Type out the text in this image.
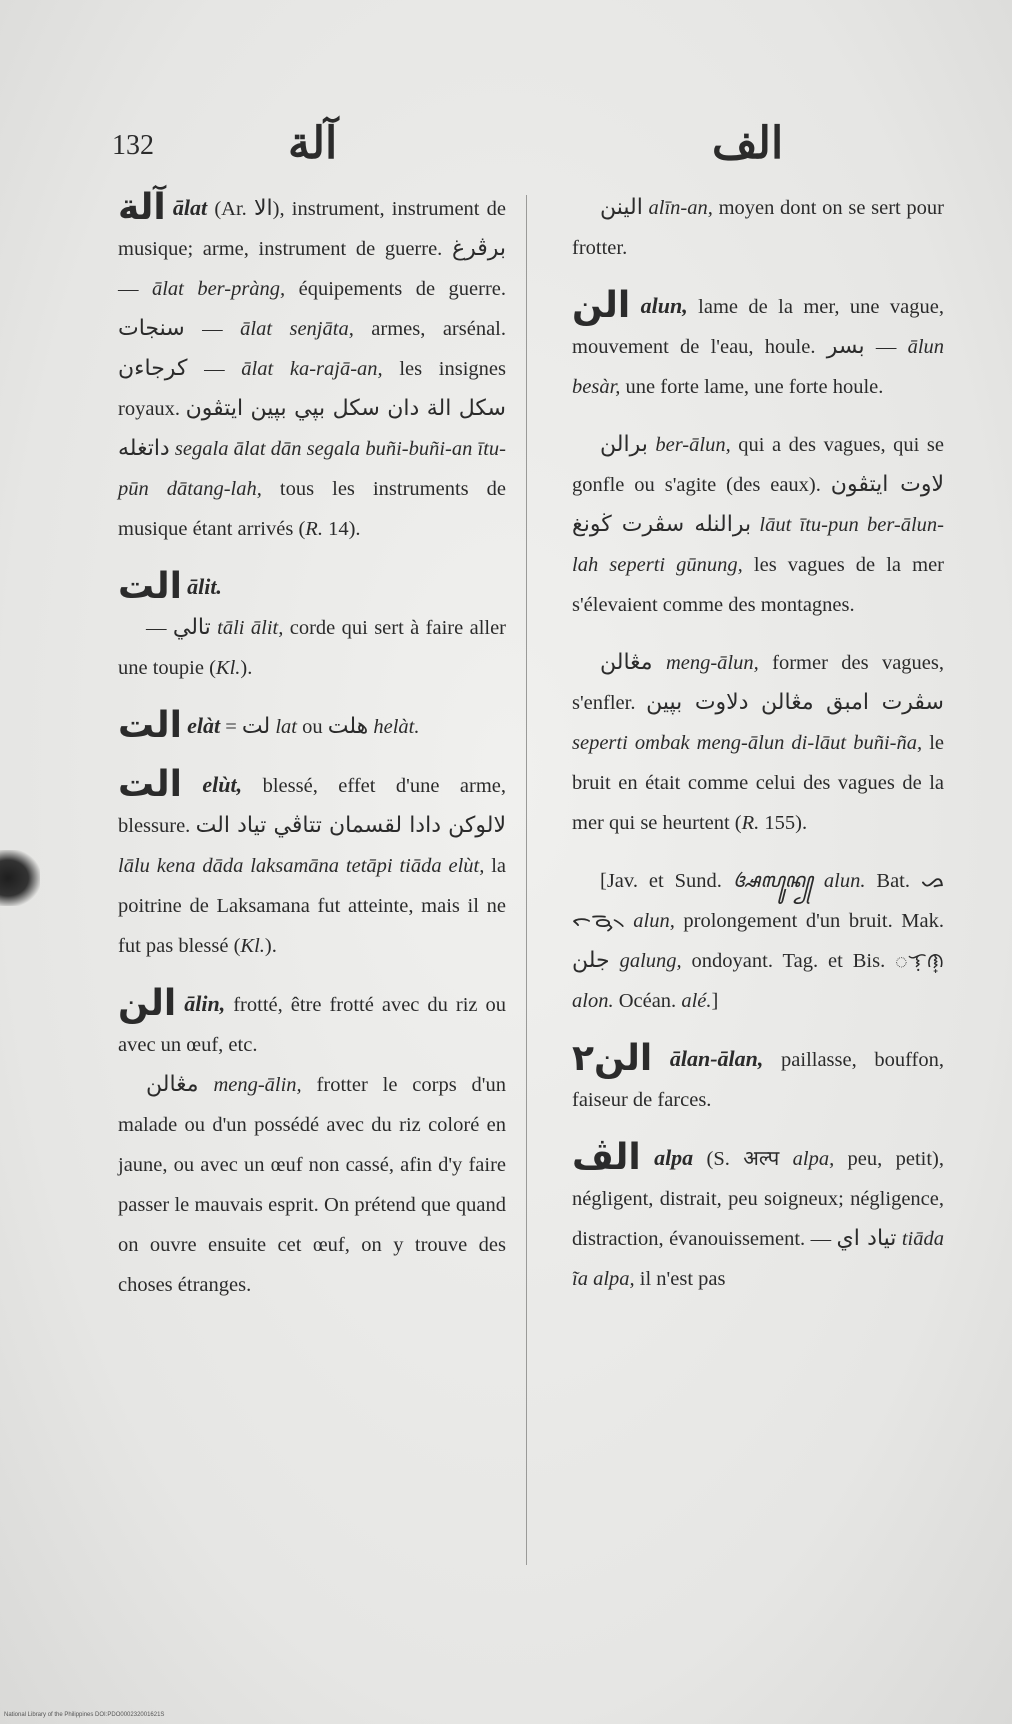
132	آلة	الف

آلة ālat (Ar. الا), instrument, instrument de musique; arme, instrument de guerre. برڤرغ — ālat ber-pràng, équipements de guerre. سنجات — ālat senjāta, armes, arsénal. كرجاءن — ālat ka-rajā-an, les insignes royaux. سكل الة دان سكل بڽي بڽين ايتڤون داتغله segala ālat dān segala buñi-buñi-an ītu-pūn dātang-lah, tous les instruments de musique étant arrivés (R. 14).

الت ālit.

— تالي tāli ālit, corde qui sert à faire aller une toupie (Kl.).

الت elàt = لت lat ou هلت helàt.

الت elùt, blessé, effet d'une arme, blessure. لالوكن دادا لقسمان تتاڤي تياد الت lālu kena dāda laksamāna tetāpi tiāda elùt, la poitrine de Laksamana fut atteinte, mais il ne fut pas blessé (Kl.).

الن ālin, frotté, être frotté avec du riz ou avec un œuf, etc.

مڠالن meng-ālin, frotter le corps d'un malade ou d'un possédé avec du riz coloré en jaune, ou avec un œuf non cassé, afin d'y faire passer le mauvais esprit. On prétend que quand on ouvre ensuite cet œuf, on y trouve des choses étranges.

الينن alīn-an, moyen dont on se sert pour frotter.

الن alun, lame de la mer, une vague, mouvement de l'eau, houle. بسر — ālun besàr, une forte lame, une forte houle.

برالن ber-ālun, qui a des vagues, qui se gonfle ou s'agite (des eaux). لاوت ايتڤون برالنله سڤرت ڬونغ lāut ītu-pun ber-ālun-lah seperti gūnung, les vagues de la mer s'élevaient comme des montagnes.

مڠالن meng-ālun, former des vagues, s'enfler. سڤرت امبق مڠالن دلاوت بڽين seperti ombak meng-ālun di-lāut buñi-ña, le bruit en était comme celui des vagues de la mer qui se heurtent (R. 155).

[Jav. et Sund. ꦄꦭꦸꦤ꧀ alun. Bat. ᯀᯞᯮᯉ᯲ alun, prolongement d'un bruit. Mak. جلن galung, ondoyant. Tag. et Bis. ᜀᜎᜓᜈ᜔ alon. Océan. alé.]

الن٢ ālan-ālan, paillasse, bouffon, faiseur de farces.

الڤ alpa (S. अल्प alpa, peu, petit), négligent, distrait, peu soigneux; négligence, distraction, évanouissement. — تياد اي tiāda ĩa alpa, il n'est pas

National Library of the Philippines DOI:PDO000232001621S
